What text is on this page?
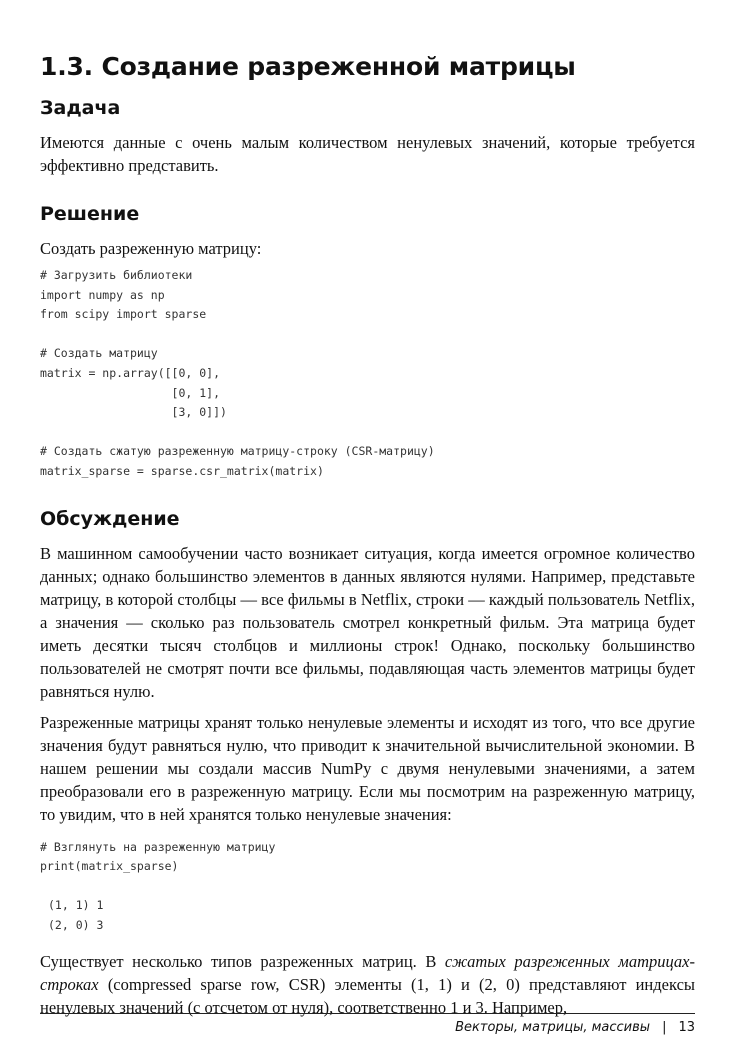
1.3. Создание разреженной матрицы
Задача

Имеются данные с очень малым количеством ненулевых значений, которые требуется эффективно представить.

Решение

Создать разреженную матрицу:

# Загрузить библиотеки
import numpy as np
from scipy import sparse
# Создать матрицу
matrix = np.array([[0, 0],
[0, 1],
[3, 0]])
# Создать сжатую разреженную матрицу-строку (CSR-матрицу)
matrix_sparse = sparse.csr_matrix(matrix)
Обсуждение

В машинном самообучении часто возникает ситуация, когда имеется огромное количество данных; однако большинство элементов в данных являются нулями. Например, представьте матрицу, в которой столбцы — все фильмы в Netflix, строки — каждый пользователь Netflix, а значения — сколько раз пользователь смотрел конкретный фильм. Эта матрица будет иметь десятки тысяч столбцов и миллионы строк! Однако, поскольку большинство пользователей не смотрят почти все фильмы, подавляющая часть элементов матрицы будет равняться нулю.

Разреженные матрицы хранят только ненулевые элементы и исходят из того, что все другие значения будут равняться нулю, что приводит к значительной вычислительной экономии. В нашем решении мы создали массив NumPy с двумя ненулевыми значениями, а затем преобразовали его в разреженную матрицу. Если мы посмотрим на разреженную матрицу, то увидим, что в ней хранятся только ненулевые значения:

# Взглянуть на разреженную матрицу
print(matrix_sparse)
(1, 1) 1
(2, 0) 3

Существует несколько типов разреженных матриц. В сжатых разреженных матрицах-строках (compressed sparse row, CSR) элементы (1, 1) и (2, 0) представляют индексы ненулевых значений (с отсчетом от нуля), соответственно 1 и 3. Например,

Векторы, матрицы, массивы | 13
